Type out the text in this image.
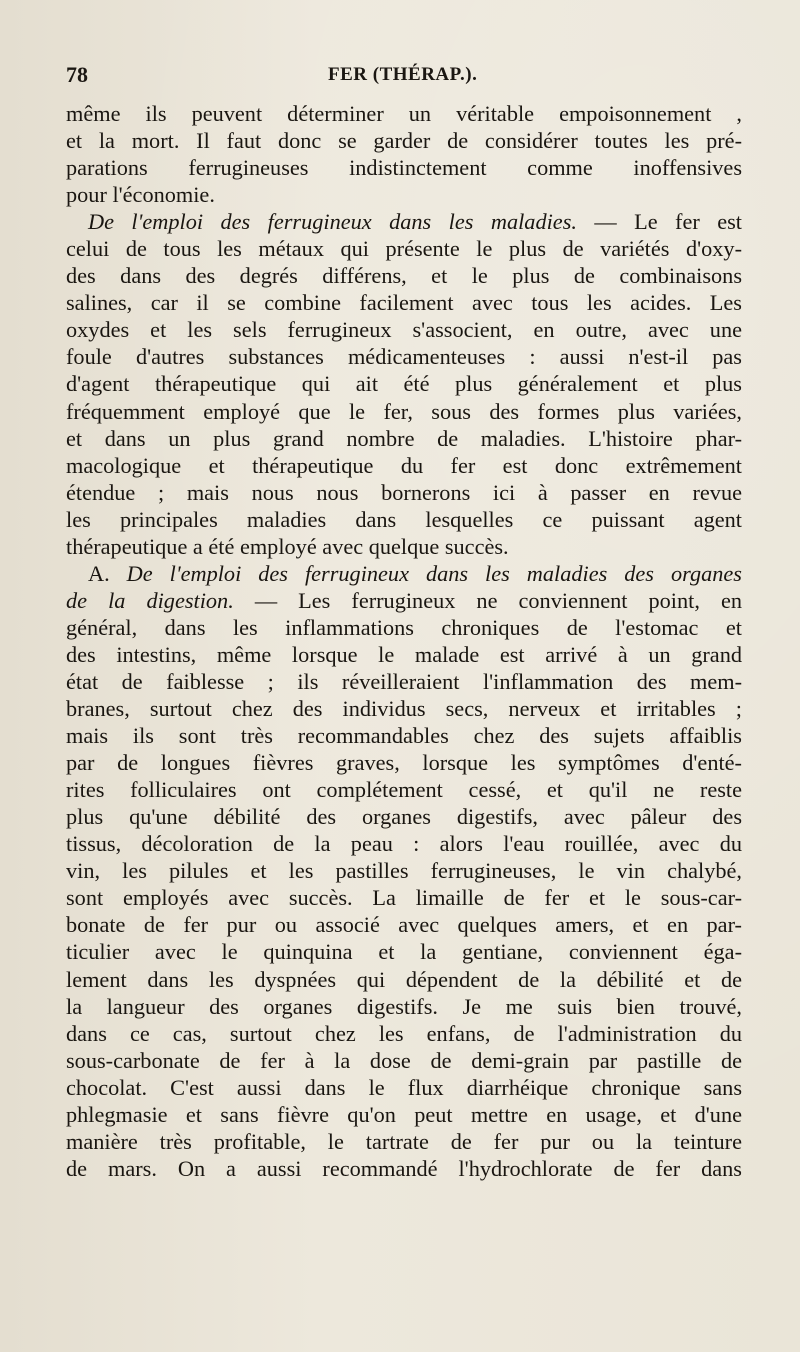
78	FER (THÉRAP.).
même ils peuvent déterminer un véritable empoisonnement ,
et la mort. Il faut donc se garder de considérer toutes les pré-
parations ferrugineuses indistinctement comme inoffensives
pour l'économie.
De l'emploi des ferrugineux dans les maladies. — Le fer est
celui de tous les métaux qui présente le plus de variétés d'oxy-
des dans des degrés différens, et le plus de combinaisons
salines, car il se combine facilement avec tous les acides. Les
oxydes et les sels ferrugineux s'associent, en outre, avec une
foule d'autres substances médicamenteuses : aussi n'est-il pas
d'agent thérapeutique qui ait été plus généralement et plus
fréquemment employé que le fer, sous des formes plus variées,
et dans un plus grand nombre de maladies. L'histoire phar-
macologique et thérapeutique du fer est donc extrêmement
étendue ; mais nous nous bornerons ici à passer en revue
les principales maladies dans lesquelles ce puissant agent
thérapeutique a été employé avec quelque succès.
A. De l'emploi des ferrugineux dans les maladies des organes
de la digestion. — Les ferrugineux ne conviennent point, en
général, dans les inflammations chroniques de l'estomac et
des intestins, même lorsque le malade est arrivé à un grand
état de faiblesse ; ils réveilleraient l'inflammation des mem-
branes, surtout chez des individus secs, nerveux et irritables ;
mais ils sont très recommandables chez des sujets affaiblis
par de longues fièvres graves, lorsque les symptômes d'enté-
rites folliculaires ont complétement cessé, et qu'il ne reste
plus qu'une débilité des organes digestifs, avec pâleur des
tissus, décoloration de la peau : alors l'eau rouillée, avec du
vin, les pilules et les pastilles ferrugineuses, le vin chalybé,
sont employés avec succès. La limaille de fer et le sous-car-
bonate de fer pur ou associé avec quelques amers, et en par-
ticulier avec le quinquina et la gentiane, conviennent éga-
lement dans les dyspnées qui dépendent de la débilité et de
la langueur des organes digestifs. Je me suis bien trouvé,
dans ce cas, surtout chez les enfans, de l'administration du
sous-carbonate de fer à la dose de demi-grain par pastille de
chocolat. C'est aussi dans le flux diarrhéique chronique sans
phlegmasie et sans fièvre qu'on peut mettre en usage, et d'une
manière très profitable, le tartrate de fer pur ou la teinture
de mars. On a aussi recommandé l'hydrochlorate de fer dans
